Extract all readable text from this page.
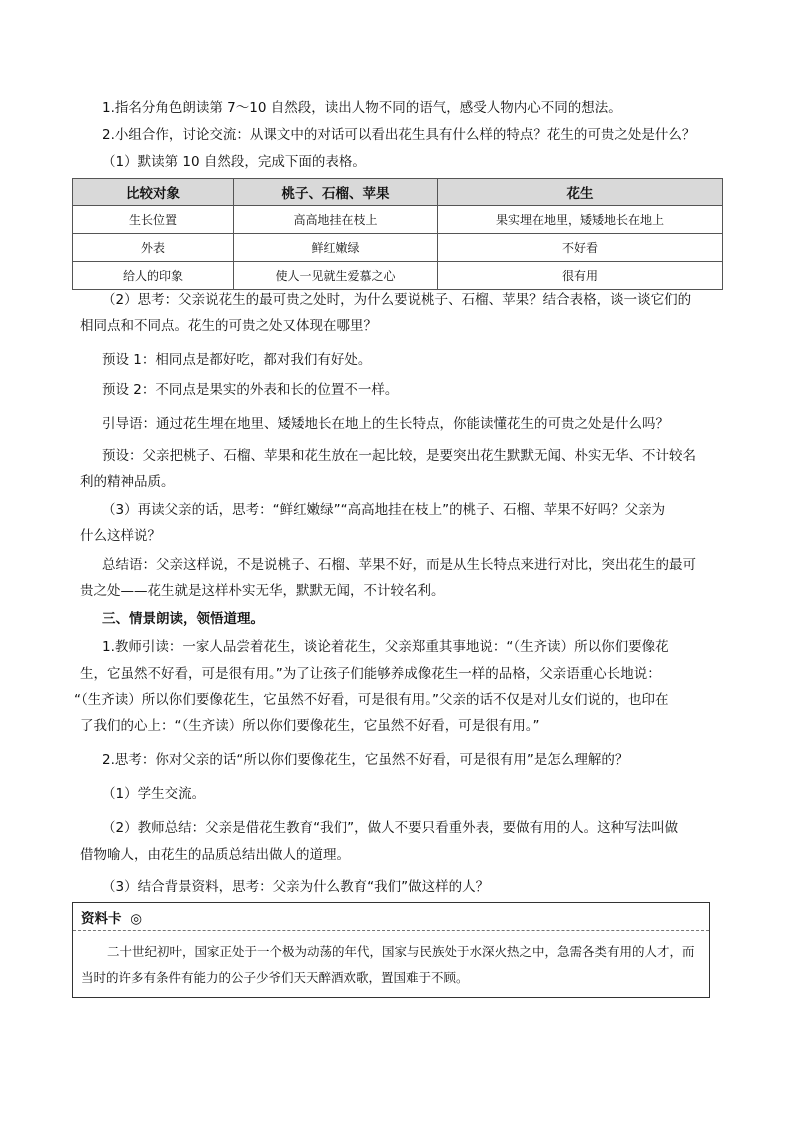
1.指名分角色朗读第 7～10 自然段，读出人物不同的语气，感受人物内心不同的想法。
2.小组合作，讨论交流：从课文中的对话可以看出花生具有什么样的特点？花生的可贵之处是什么？
（1）默读第 10 自然段，完成下面的表格。
比较对象	桃子、石榴、苹果	花生
生长位置	高高地挂在枝上	果实埋在地里，矮矮地长在地上
外表	鲜红嫩绿	不好看
给人的印象	使人一见就生爱慕之心	很有用
（2）思考：父亲说花生的最可贵之处时，为什么要说桃子、石榴、苹果？结合表格，谈一谈它们的
相同点和不同点。花生的可贵之处又体现在哪里？
预设 1：相同点是都好吃，都对我们有好处。
预设 2：不同点是果实的外表和长的位置不一样。
引导语：通过花生埋在地里、矮矮地长在地上的生长特点，你能读懂花生的可贵之处是什么吗？
预设：父亲把桃子、石榴、苹果和花生放在一起比较，是要突出花生默默无闻、朴实无华、不计较名
利的精神品质。
（3）再读父亲的话，思考：“鲜红嫩绿”“高高地挂在枝上”的桃子、石榴、苹果不好吗？父亲为
什么这样说？
总结语：父亲这样说，不是说桃子、石榴、苹果不好，而是从生长特点来进行对比，突出花生的最可
贵之处——花生就是这样朴实无华，默默无闻，不计较名利。
三、情景朗读，领悟道理。
1.教师引读：一家人品尝着花生，谈论着花生，父亲郑重其事地说：“（生齐读）所以你们要像花
生，它虽然不好看，可是很有用。”为了让孩子们能够养成像花生一样的品格，父亲语重心长地说：
“（生齐读）所以你们要像花生，它虽然不好看，可是很有用。”父亲的话不仅是对儿女们说的，也印在
了我们的心上：“（生齐读）所以你们要像花生，它虽然不好看，可是很有用。”
2.思考：你对父亲的话“所以你们要像花生，它虽然不好看，可是很有用”是怎么理解的？
（1）学生交流。
（2）教师总结：父亲是借花生教育“我们”，做人不要只看重外表，要做有用的人。这种写法叫做
借物喻人，由花生的品质总结出做人的道理。
（3）结合背景资料，思考：父亲为什么教育“我们”做这样的人？
资料卡 ◎
二十世纪初叶，国家正处于一个极为动荡的年代，国家与民族处于水深火热之中，急需各类有用的人才，而当时的许多有条件有能力的公子少爷们天天醉酒欢歌，置国难于不顾。
